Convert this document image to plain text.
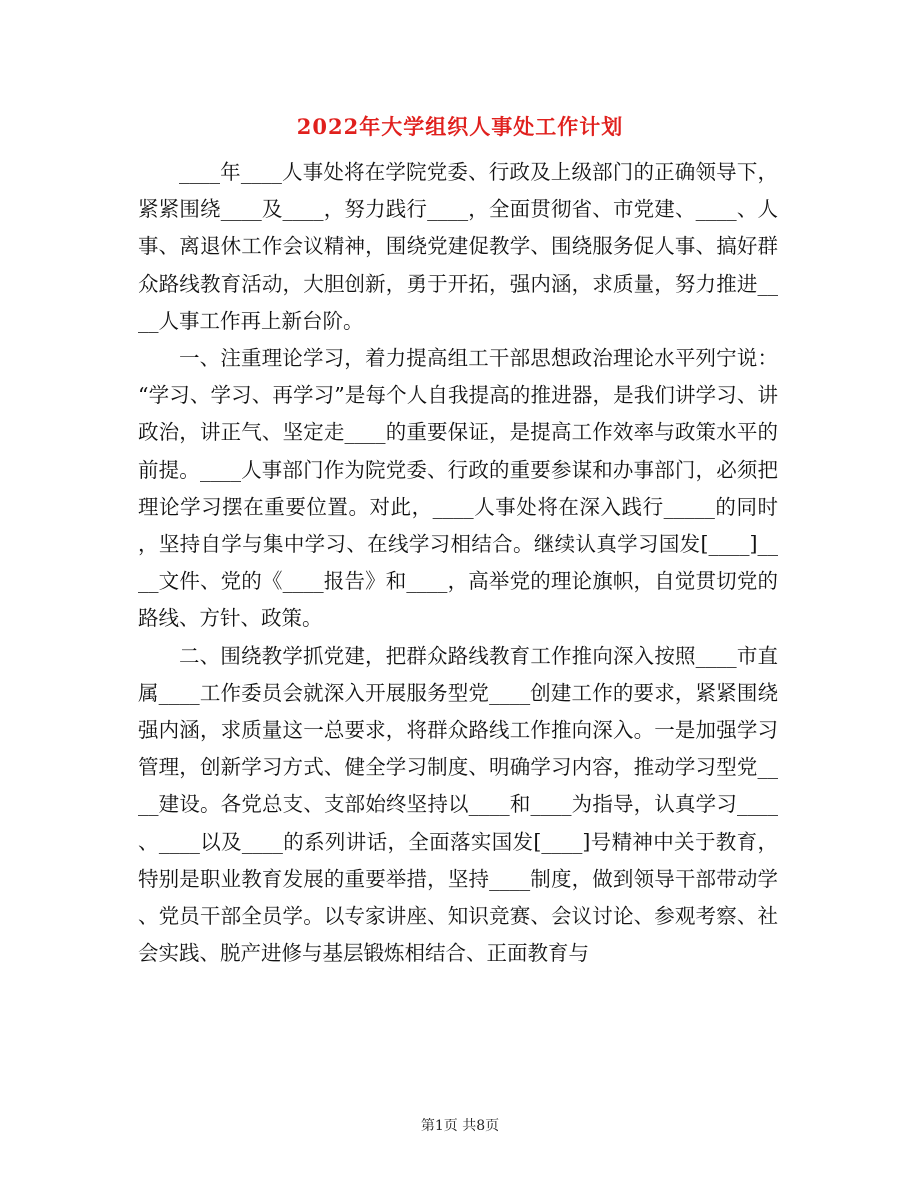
2022年大学组织人事处工作计划

____年____人事处将在学院党委、行政及上级部门的正确领导下，紧紧围绕____及____，努力践行____，全面贯彻省、市党建、____、人事、离退休工作会议精神，围绕党建促教学、围绕服务促人事、搞好群众路线教育活动，大胆创新，勇于开拓，强内涵，求质量，努力推进____人事工作再上新台阶。

一、注重理论学习，着力提高组工干部思想政治理论水平列宁说：“学习、学习、再学习”是每个人自我提高的推进器，是我们讲学习、讲政治，讲正气、坚定走____的重要保证，是提高工作效率与政策水平的前提。____人事部门作为院党委、行政的重要参谋和办事部门，必须把理论学习摆在重要位置。对此，____人事处将在深入践行_____的同时，坚持自学与集中学习、在线学习相结合。继续认真学习国发[____]____文件、党的《____报告》和____，高举党的理论旗帜，自觉贯切党的路线、方针、政策。

二、围绕教学抓党建，把群众路线教育工作推向深入按照____市直属____工作委员会就深入开展服务型党____创建工作的要求，紧紧围绕强内涵，求质量这一总要求，将群众路线工作推向深入。一是加强学习管理，创新学习方式、健全学习制度、明确学习内容，推动学习型党____建设。各党总支、支部始终坚持以____和____为指导，认真学习____、____以及____的系列讲话，全面落实国发[____]号精神中关于教育，特别是职业教育发展的重要举措，坚持____制度，做到领导干部带动学、党员干部全员学。以专家讲座、知识竞赛、会议讨论、参观考察、社会实践、脱产进修与基层锻炼相结合、正面教育与

第1页 共8页
